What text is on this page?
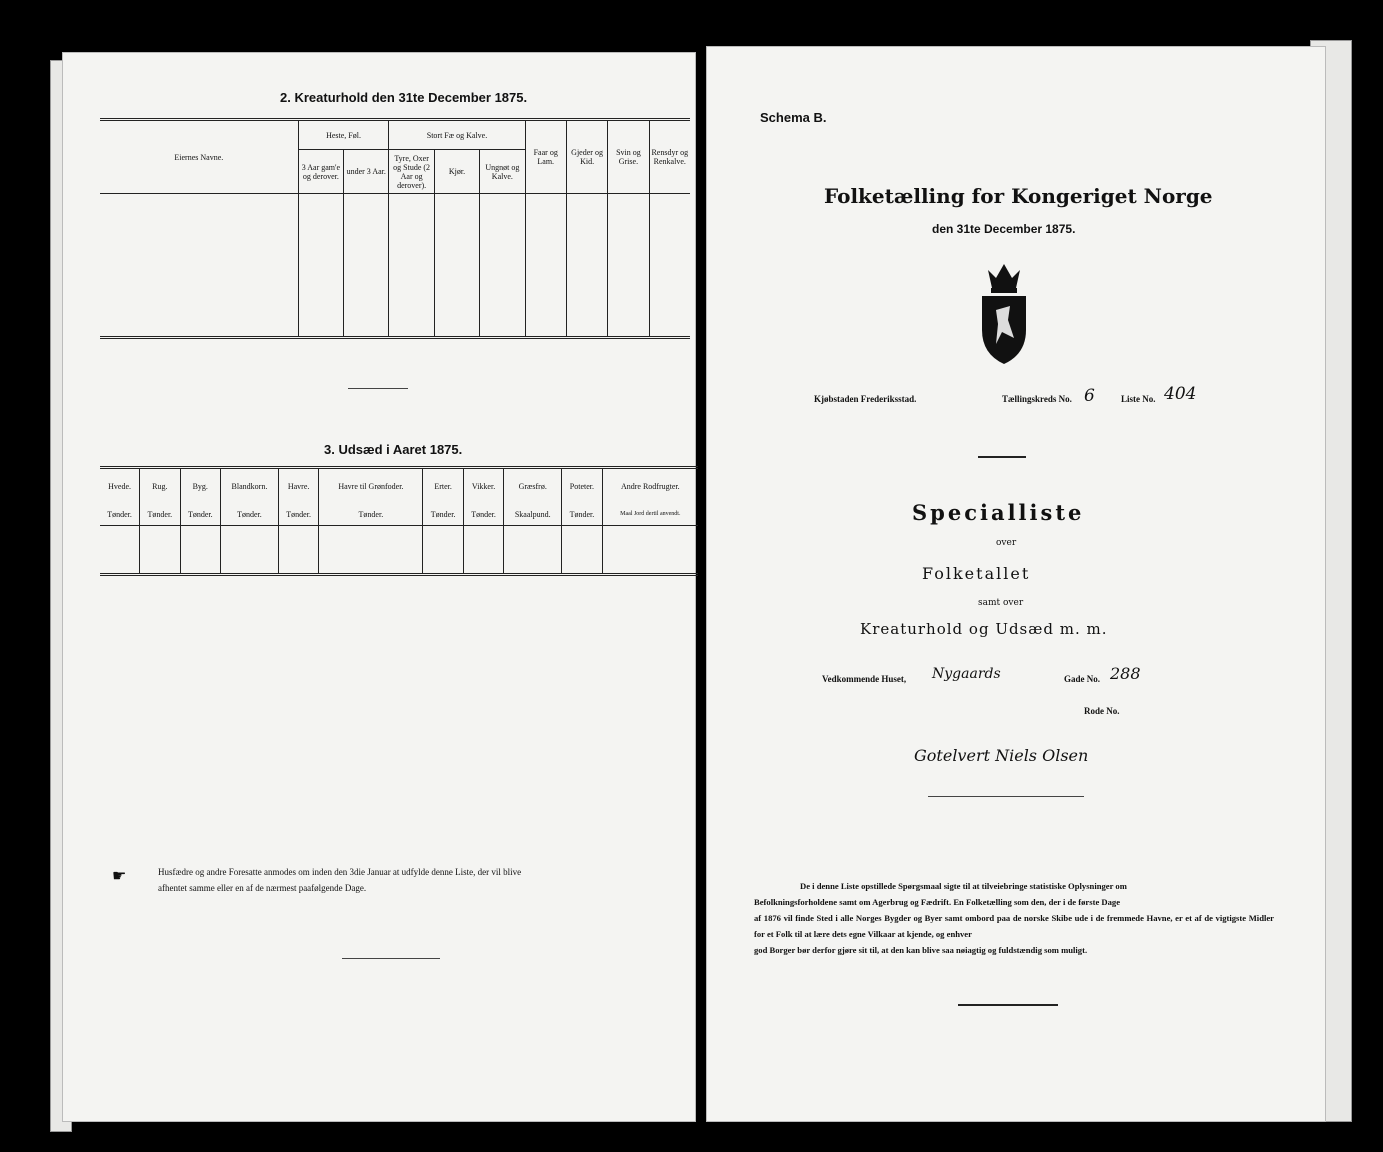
2. Kreaturhold den 31te December 1875.
Eiernes Navne.	Heste, Føl.		Stort Fæ og Kalve.			Faar og Lam.	Gjeder og Kid.	Svin og Grise.	Rensdyr og Renkalve.
	3 Aar gam'e og derover.	under 3 Aar.	Tyre, Oxer og Stude (2 Aar og derover).	Kjør.	Ungnøt og Kalve.				

3. Udsæd i Aaret 1875.
Hvede.	Rug.	Byg.	Blandkorn.	Havre.	Havre til Grønfoder.	Erter.	Vikker.	Græsfrø.	Poteter.	Andre Rodfrugter.
Tønder.	Tønder.	Tønder.	Tønder.	Tønder.	Tønder.	Tønder.	Tønder.	Skaalpund.	Tønder.	Maal Jord dertil anvendt.

☛	Husfædre og andre Foresatte anmodes om inden den 3die Januar at udfylde denne Liste, der vil blive
afhentet samme eller en af de nærmest paafølgende Dage.
Schema B.
Folketælling for Kongeriget Norge
den 31te December 1875.
Kjøbstaden Frederiksstad.	Tællingskreds No. 6	Liste No. 404
Specialliste
over
Folketallet
samt over
Kreaturhold og Udsæd m. m.
Vedkommende Huset, Nygaards	Gade No. 288
Rode No.
Gotelvert Niels Olsen
De i denne Liste opstillede Spørgsmaal sigte til at tilveiebringe statistiske Oplysninger om
Befolkningsforholdene samt om Agerbrug og Fædrift. En Folketælling som den, der i de første Dage
af 1876 vil finde Sted i alle Norges Bygder og Byer samt ombord paa de norske Skibe ude i de fremmede Havne, er et af de vigtigste Midler for et Folk til at lære dets egne Vilkaar at kjende, og enhver
god Borger bør derfor gjøre sit til, at den kan blive saa nøiagtig og fuldstændig som muligt.
